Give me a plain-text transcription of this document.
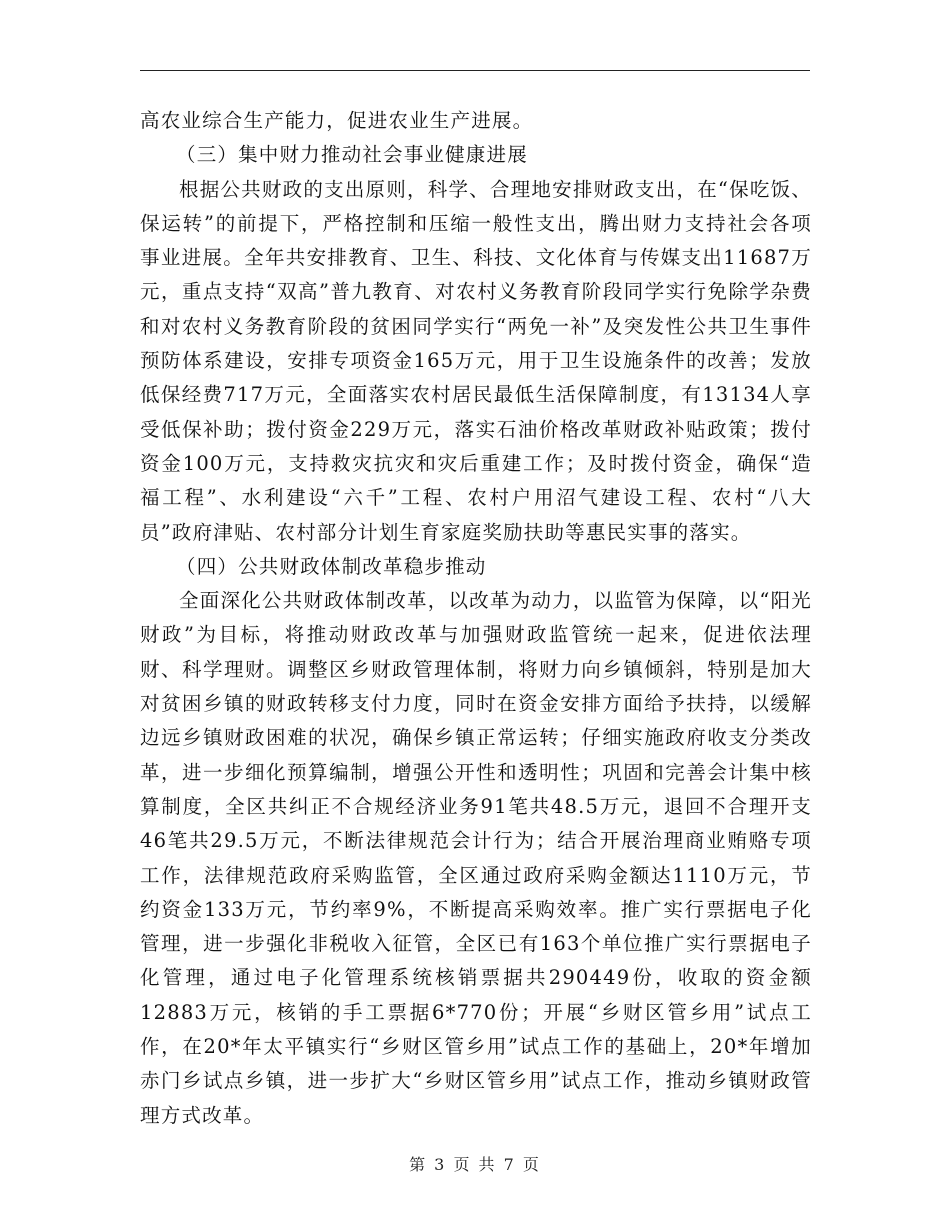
高农业综合生产能力，促进农业生产进展。

（三）集中财力推动社会事业健康进展

根据公共财政的支出原则，科学、合理地安排财政支出，在“保吃饭、保运转”的前提下，严格控制和压缩一般性支出，腾出财力支持社会各项事业进展。全年共安排教育、卫生、科技、文化体育与传媒支出11687万元，重点支持“双高”普九教育、对农村义务教育阶段同学实行免除学杂费和对农村义务教育阶段的贫困同学实行“两免一补”及突发性公共卫生事件预防体系建设，安排专项资金165万元，用于卫生设施条件的改善；发放低保经费717万元，全面落实农村居民最低生活保障制度，有13134人享受低保补助；拨付资金229万元，落实石油价格改革财政补贴政策；拨付资金100万元，支持救灾抗灾和灾后重建工作；及时拨付资金，确保“造福工程”、水利建设“六千”工程、农村户用沼气建设工程、农村“八大员”政府津贴、农村部分计划生育家庭奖励扶助等惠民实事的落实。

（四）公共财政体制改革稳步推动

全面深化公共财政体制改革，以改革为动力，以监管为保障，以“阳光财政”为目标，将推动财政改革与加强财政监管统一起来，促进依法理财、科学理财。调整区乡财政管理体制，将财力向乡镇倾斜，特别是加大对贫困乡镇的财政转移支付力度，同时在资金安排方面给予扶持，以缓解边远乡镇财政困难的状况，确保乡镇正常运转；仔细实施政府收支分类改革，进一步细化预算编制，增强公开性和透明性；巩固和完善会计集中核算制度，全区共纠正不合规经济业务91笔共48.5万元，退回不合理开支46笔共29.5万元，不断法律规范会计行为；结合开展治理商业贿赂专项工作，法律规范政府采购监管，全区通过政府采购金额达1110万元，节约资金133万元，节约率9%，不断提高采购效率。推广实行票据电子化管理，进一步强化非税收入征管，全区已有163个单位推广实行票据电子化管理，通过电子化管理系统核销票据共290449份，收取的资金额12883万元，核销的手工票据6*770份；开展“乡财区管乡用”试点工作，在20*年太平镇实行“乡财区管乡用”试点工作的基础上，20*年增加赤门乡试点乡镇，进一步扩大“乡财区管乡用”试点工作，推动乡镇财政管理方式改革。

第 3 页 共 7 页
